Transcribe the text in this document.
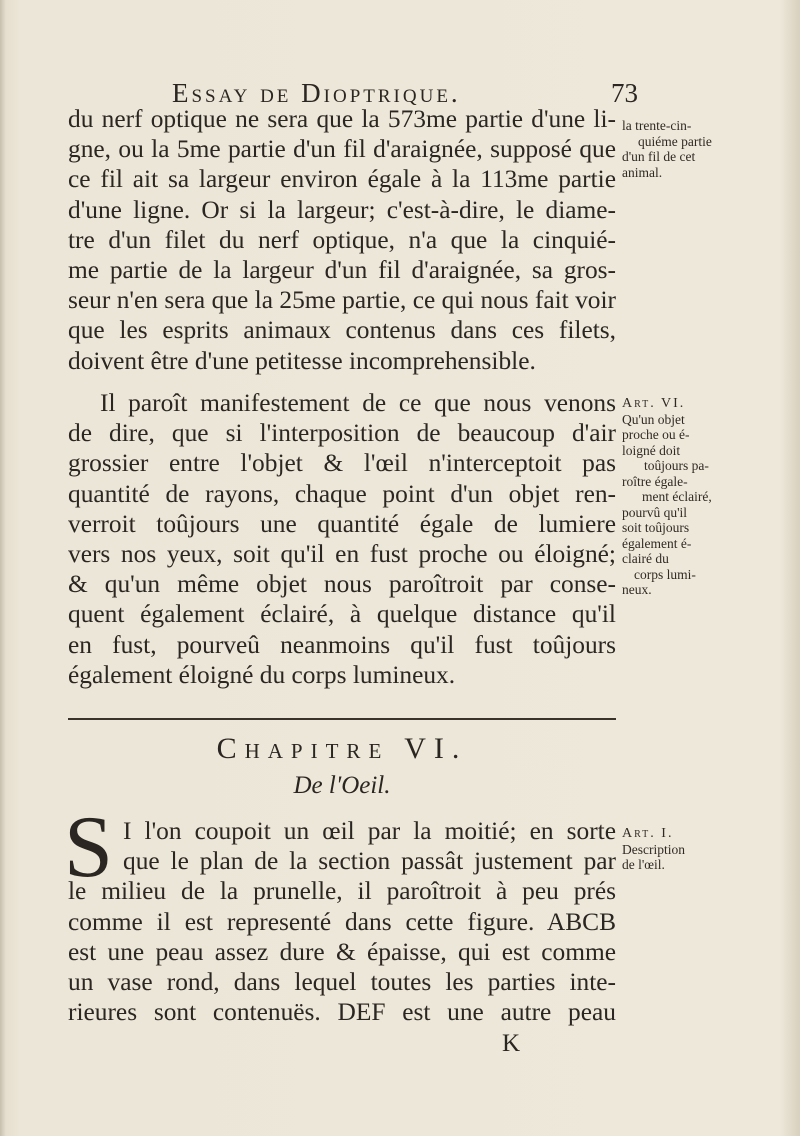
Essay de Dioptrique.	73
du nerf optique ne sera que la 573me partie d'une li-
gne, ou la 5me partie d'un fil d'araignée, supposé que
ce fil ait sa largeur environ égale à la 113me partie
d'une ligne. Or si la largeur; c'est-à-dire, le diame-
tre d'un filet du nerf optique, n'a que la cinquié-
me partie de la largeur d'un fil d'araignée, sa gros-
seur n'en sera que la 25me partie, ce qui nous fait voir
que les esprits animaux contenus dans ces filets,
doivent être d'une petitesse incomprehensible.
Il paroît manifestement de ce que nous venons
de dire, que si l'interposition de beaucoup d'air
grossier entre l'objet & l'œil n'interceptoit pas
quantité de rayons, chaque point d'un objet ren-
verroit toûjours une quantité égale de lumiere
vers nos yeux, soit qu'il en fust proche ou éloigné;
& qu'un même objet nous paroîtroit par conse-
quent également éclairé, à quelque distance qu'il
en fust, pourveû neanmoins qu'il fust toûjours
également éloigné du corps lumineux.
la trente-cin-
quiéme partie
d'un fil de cet
animal.
Art. VI.
Qu'un objet
proche ou é-
loigné doit
toûjours pa-
roître égale-
ment éclairé,
pourvû qu'il
soit toûjours
également é-
clairé du
corps lumi-
neux.
Chapitre VI.
De l'Oeil.
S I l'on coupoit un œil par la moitié; en sorte
que le plan de la section passât justement par
le milieu de la prunelle, il paroîtroit à peu prés
comme il est representé dans cette figure. ABCB
est une peau assez dure & épaisse, qui est comme
un vase rond, dans lequel toutes les parties inte-
rieures sont contenuës. DEF est une autre peau
Art. I.
Description
de l'œil.
K
